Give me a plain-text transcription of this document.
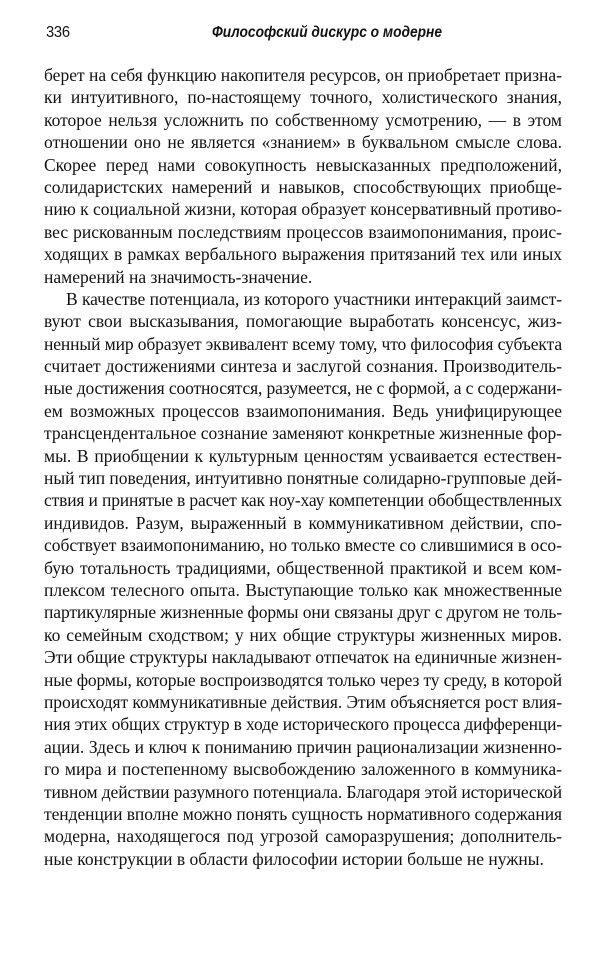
336	Философский дискурс о модерне
берет на себя функцию накопителя ресурсов, он приобретает призна-
ки интуитивного, по-настоящему точного, холистического знания,
которое нельзя усложнить по собственному усмотрению, — в этом
отношении оно не является «знанием» в буквальном смысле слова.
Скорее перед нами совокупность невысказанных предположений,
солидаристских намерений и навыков, способствующих приобще-
нию к социальной жизни, которая образует консервативный противо-
вес рискованным последствиям процессов взаимопонимания, проис-
ходящих в рамках вербального выражения притязаний тех или иных
намерений на значимость-значение.
В качестве потенциала, из которого участники интеракций заимст-
вуют свои высказывания, помогающие выработать консенсус, жиз-
ненный мир образует эквивалент всему тому, что философия субъекта
считает достижениями синтеза и заслугой сознания. Производитель-
ные достижения соотносятся, разумеется, не с формой, а с содержани-
ем возможных процессов взаимопонимания. Ведь унифицирующее
трансцендентальное сознание заменяют конкретные жизненные фор-
мы. В приобщении к культурным ценностям усваивается естествен-
ный тип поведения, интуитивно понятные солидарно-групповые дей-
ствия и принятые в расчет как ноу-хау компетенции обобществленных
индивидов. Разум, выраженный в коммуникативном действии, спо-
собствует взаимопониманию, но только вместе со слившимися в осо-
бую тотальность традициями, общественной практикой и всем ком-
плексом телесного опыта. Выступающие только как множественные
партикулярные жизненные формы они связаны друг с другом не толь-
ко семейным сходством; у них общие структуры жизненных миров.
Эти общие структуры накладывают отпечаток на единичные жизнен-
ные формы, которые воспроизводятся только через ту среду, в которой
происходят коммуникативные действия. Этим объясняется рост влия-
ния этих общих структур в ходе исторического процесса дифференци-
ации. Здесь и ключ к пониманию причин рационализации жизненно-
го мира и постепенному высвобождению заложенного в коммуника-
тивном действии разумного потенциала. Благодаря этой исторической
тенденции вполне можно понять сущность нормативного содержания
модерна, находящегося под угрозой саморазрушения; дополнитель-
ные конструкции в области философии истории больше не нужны.
